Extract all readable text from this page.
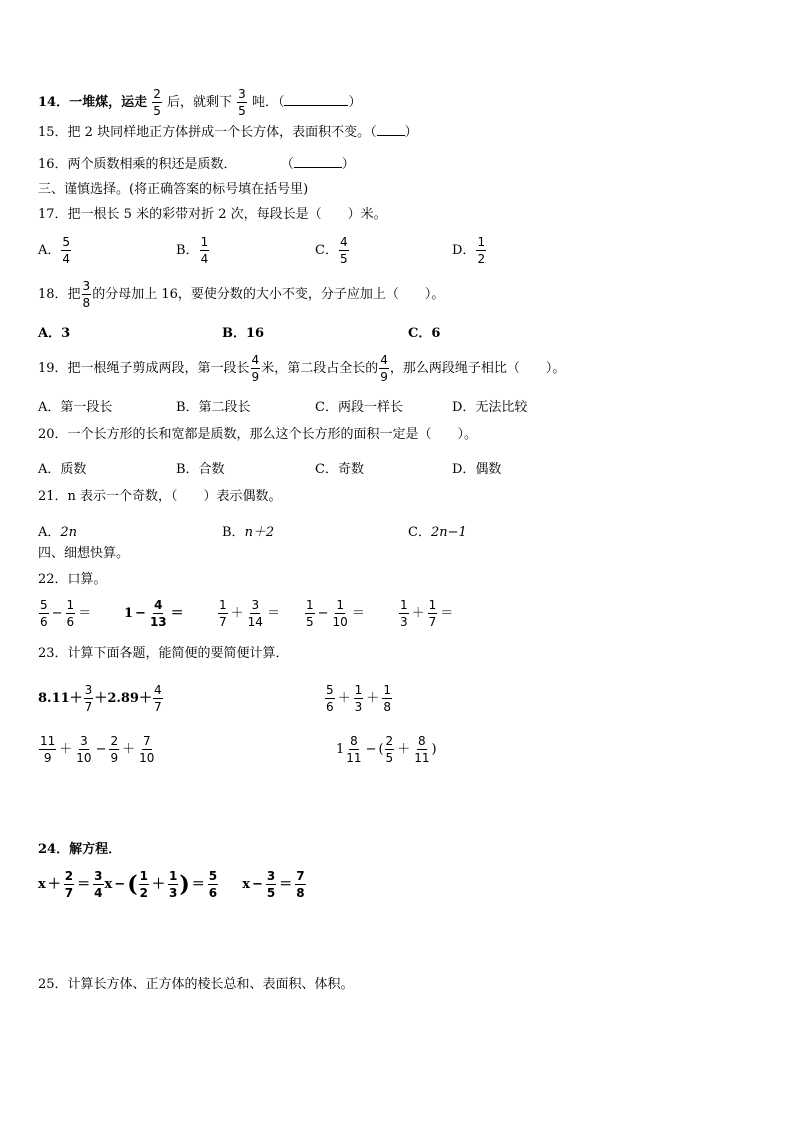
14．一堆煤，运走 $\frac{2}{5}$ 后，就剩下 $\frac{3}{5}$ 吨．（	）
15．把 2 块同样地正方体拼成一个长方体，表面积不变。（ ）
16．两个质数相乘的积还是质数．	（	）
三、谨慎选择。(将正确答案的标号填在括号里)
17．把一根长 5 米的彩带对折 2 次，每段长是（　　）米。
A． $\frac{5}{4}$	B． $\frac{1}{4}$	C． $\frac{4}{5}$	D． $\frac{1}{2}$
18．把 $\frac{3}{8}$ 的分母加上 16，要使分数的大小不变，分子应加上（　　）。
A．3	B．16	C．6
19．把一根绳子剪成两段，第一段长 $\frac{4}{9}$ 米，第二段占全长的 $\frac{4}{9}$ ，那么两段绳子相比（　　）。
A．第一段长	B．第二段长	C．两段一样长	D．无法比较
20．一个长方形的长和宽都是质数，那么这个长方形的面积一定是（　　）。
A．质数	B．合数	C．奇数	D．偶数
21．n 表示一个奇数，（　　）表示偶数。
A．2n	B．n＋2	C．2n−1
四、细想快算。
22．口算。
$\frac{5}{6} - \frac{1}{6}$ ＝	$1 - \frac{4}{13}$ ＝	$\frac{1}{7} + \frac{3}{14} = \frac{1}{5} - \frac{1}{10}$ ＝	$\frac{1}{3} + \frac{1}{7}$ ＝
23．计算下面各题，能简便的要简便计算．
$8.11+ \frac{3}{7} +2.89+ \frac{4}{7}$	$\frac{5}{6} + \frac{1}{3} + \frac{1}{8}$
$\frac{11}{9} + \frac{3}{10} - \frac{2}{9} + \frac{7}{10}$	$1 \frac{8}{11}$ − ( $\frac{2}{5} + \frac{8}{11}$ )
24．解方程．
$x + \frac{2}{7} = \frac{3}{4}$ x −( $\frac{1}{2} + \frac{1}{3}$ ) ＝ $\frac{5}{6}$ $x - \frac{3}{5} = \frac{7}{8}$
25．计算长方体、正方体的棱长总和、表面积、体积。
